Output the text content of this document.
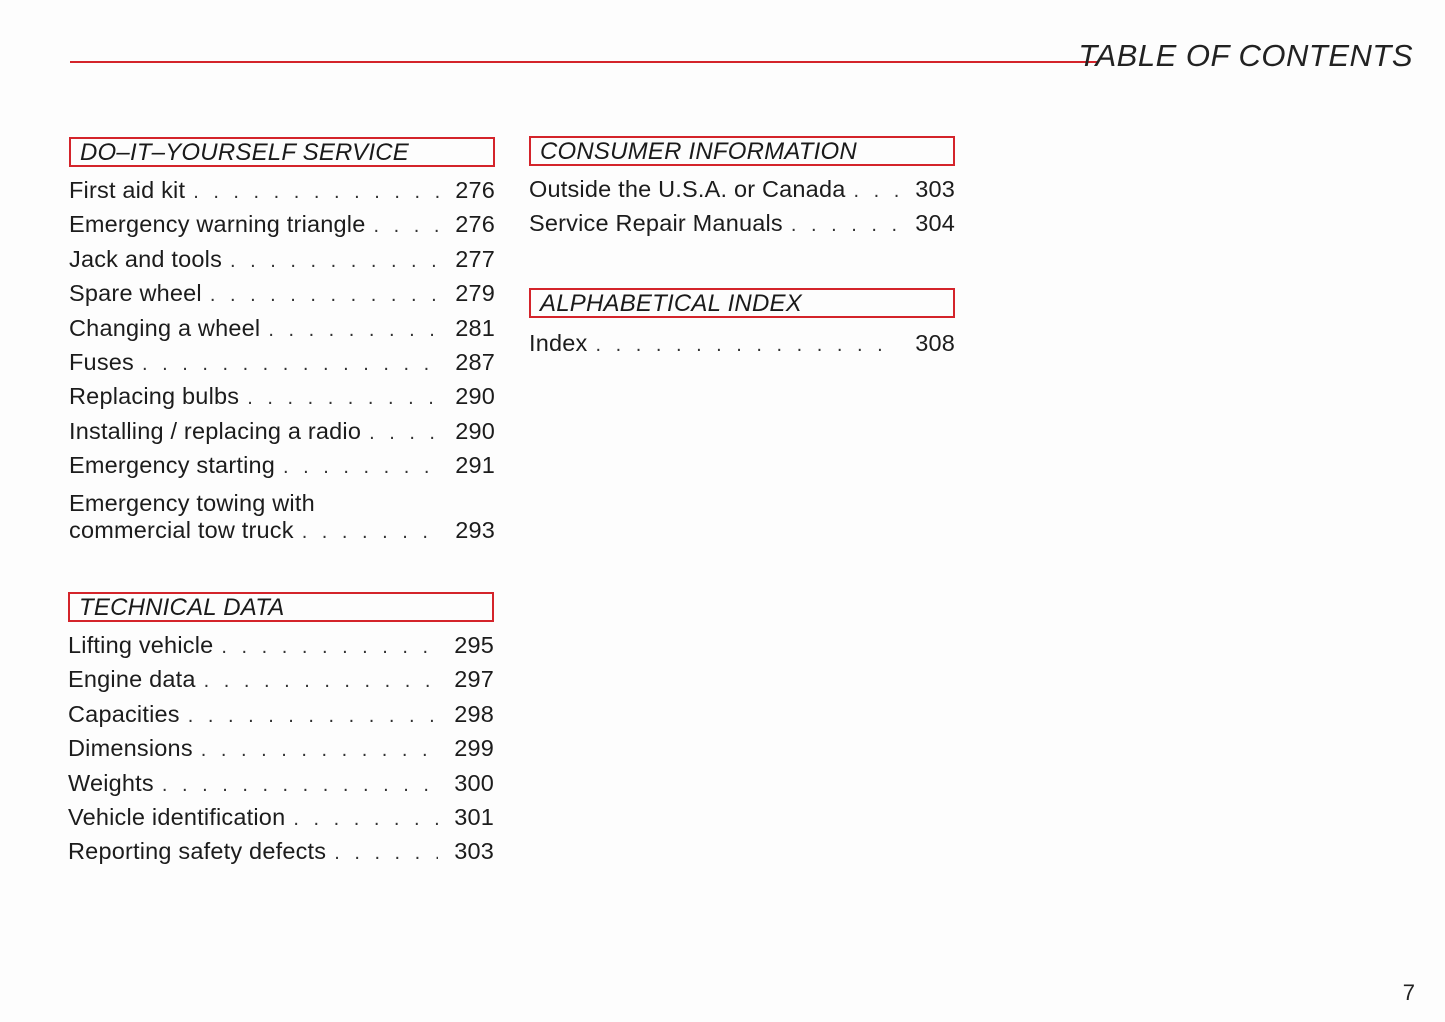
TABLE OF CONTENTS
DO–IT–YOURSELF SERVICE
First aid kit . . .	276
Emergency warning triangle . . .	276
Jack and tools . . .	277
Spare wheel . . .	279
Changing a wheel . . .	281
Fuses . . .	287
Replacing bulbs . . .	290
Installing / replacing a radio . . .	290
Emergency starting . . .	291
Emergency towing with
commercial tow truck . . .	293
TECHNICAL DATA
Lifting vehicle . . .	295
Engine data . . .	297
Capacities . . .	298
Dimensions . . .	299
Weights . . .	300
Vehicle identification . . .	301
Reporting safety defects . . .	303
CONSUMER INFORMATION
Outside the U.S.A. or Canada . . .	303
Service Repair Manuals . . .	304
ALPHABETICAL INDEX
Index . . .	308
7
